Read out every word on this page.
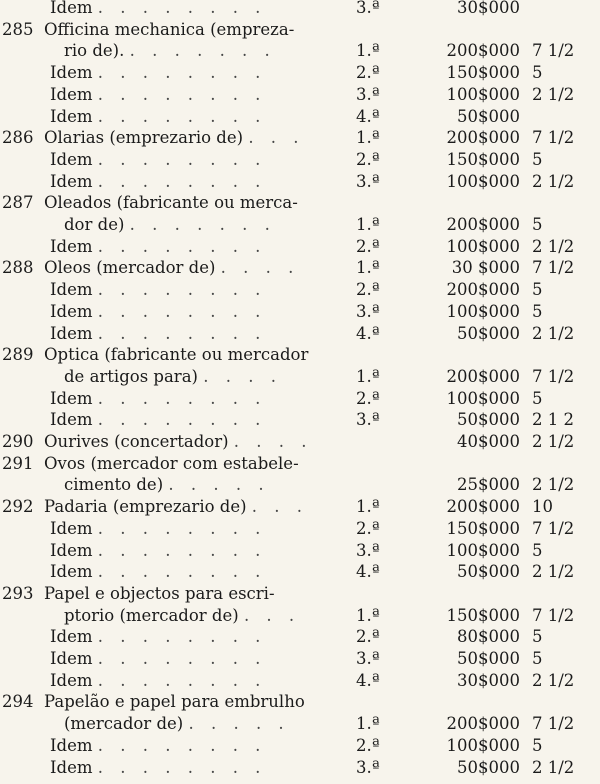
Idem . . . . . . . .	3.ª	30$000
285 Officina mechanica (empreza-
rio de). . . . . . . .	1.ª	200$000 7 1/2
Idem . . . . . . . .	2.ª	150$000 5
Idem . . . . . . . .	3.ª	100$000 2 1/2
Idem . . . . . . . .	4.ª	50$000
286 Olarias (emprezario de) . . .	1.ª	200$000 7 1/2
Idem . . . . . . . .	2.ª	150$000 5
Idem . . . . . . . .	3.ª	100$000 2 1/2
287 Oleados (fabricante ou merca-
dor de) . . . . . . .	1.ª	200$000 5
Idem . . . . . . . .	2.ª	100$000 2 1/2
288 Oleos (mercador de) . . . .	1.ª	30 $000 7 1/2
Idem . . . . . . . .	2.ª	200$000 5
Idem . . . . . . . .	3.ª	100$000 5
Idem . . . . . . . .	4.ª	50$000 2 1/2
289 Optica (fabricante ou mercador
de artigos para) . . . .	1.ª	200$000 7 1/2
Idem . . . . . . . .	2.ª	100$000 5
Idem . . . . . . . .	3.ª	50$000 2 1 2
290 Ourives (concertador) . . . .	40$000 2 1/2
291 Ovos (mercador com estabele-
cimento de) . . . . .	25$000 2 1/2
292 Padaria (emprezario de) . . .	1.ª	200$000 10
Idem . . . . . . . .	2.ª	150$000 7 1/2
Idem . . . . . . . .	3.ª	100$000 5
Idem . . . . . . . .	4.ª	50$000 2 1/2
293 Papel e objectos para escri-
ptorio (mercador de) . . .	1.ª	150$000 7 1/2
Idem . . . . . . . .	2.ª	80$000 5
Idem . . . . . . . .	3.ª	50$000 5
Idem . . . . . . . .	4.ª	30$000 2 1/2
294 Papelão e papel para embrulho
(mercador de) . . . . .	1.ª	200$000 7 1/2
Idem . . . . . . . .	2.ª	100$000 5
Idem . . . . . . . .	3.ª	50$000 2 1/2
